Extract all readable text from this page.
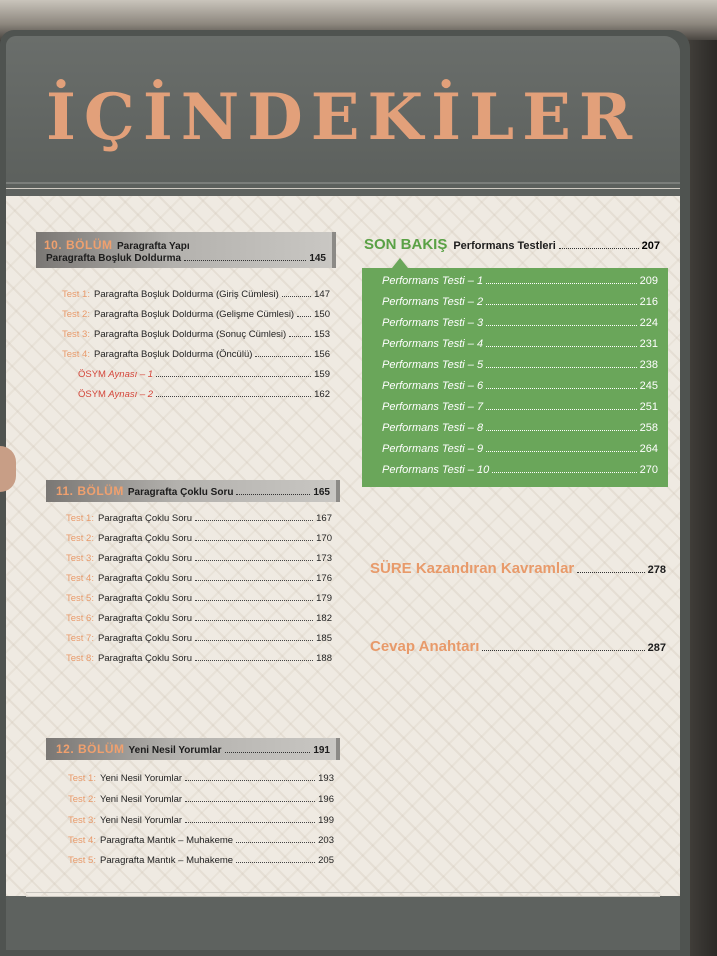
İÇİNDEKİLER
10. BÖLÜM Paragrafta Yapı
Paragrafta Boşluk Doldurma	145
Test 1: Paragrafta Boşluk Doldurma (Giriş Cümlesi)	147
Test 2: Paragrafta Boşluk Doldurma (Gelişme Cümlesi) 150
Test 3: Paragrafta Boşluk Doldurma (Sonuç Cümlesi)	153
Test 4: Paragrafta Boşluk Doldurma (Öncülü)	156
ÖSYM Aynası – 1	159
ÖSYM Aynası – 2	162
11. BÖLÜM Paragrafta Çoklu Soru	165
Test 1: Paragrafta Çoklu Soru	167
Test 2: Paragrafta Çoklu Soru	170
Test 3: Paragrafta Çoklu Soru	173
Test 4: Paragrafta Çoklu Soru	176
Test 5: Paragrafta Çoklu Soru	179
Test 6: Paragrafta Çoklu Soru	182
Test 7: Paragrafta Çoklu Soru	185
Test 8: Paragrafta Çoklu Soru	188
12. BÖLÜM Yeni Nesil Yorumlar	191
Test 1: Yeni Nesil Yorumlar	193
Test 2: Yeni Nesil Yorumlar	196
Test 3: Yeni Nesil Yorumlar	199
Test 4: Paragrafta Mantık – Muhakeme	203
Test 5: Paragrafta Mantık – Muhakeme	205
SON BAKIŞ Performans Testleri	207
Performans Testi – 1	209
Performans Testi – 2	216
Performans Testi – 3	224
Performans Testi – 4	231
Performans Testi – 5	238
Performans Testi – 6	245
Performans Testi – 7	251
Performans Testi – 8	258
Performans Testi – 9	264
Performans Testi – 10	270
SÜRE Kazandıran Kavramlar	278
Cevap Anahtarı	287
